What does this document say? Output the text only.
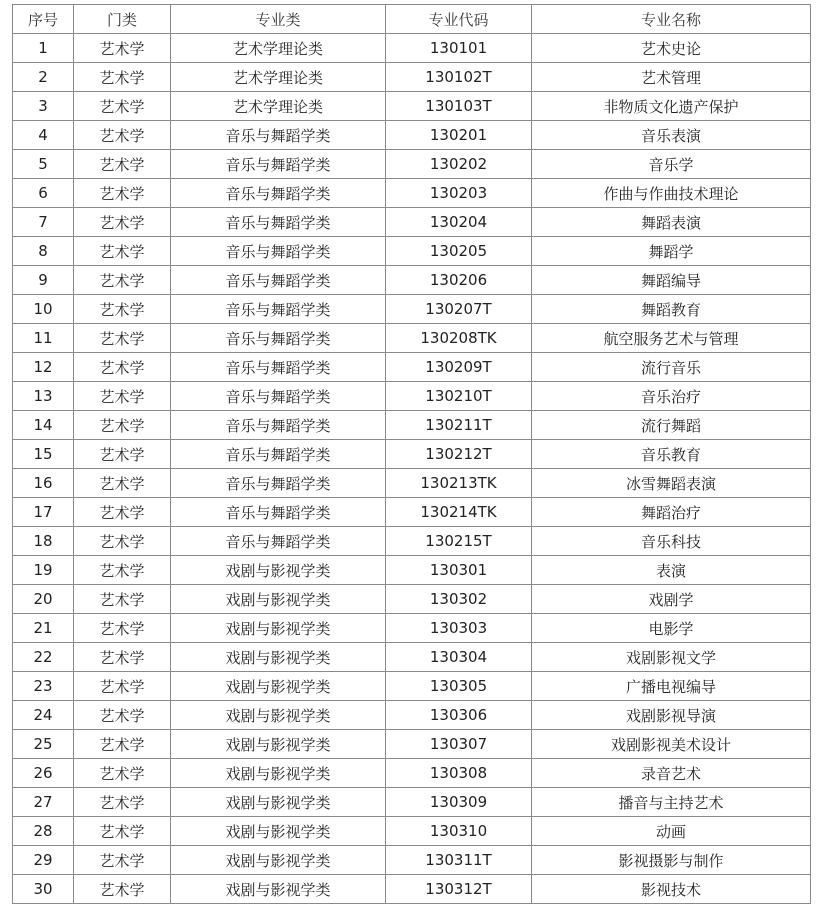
序号	门类	专业类	专业代码	专业名称
1	艺术学	艺术学理论类	130101	艺术史论
2	艺术学	艺术学理论类	130102T	艺术管理
3	艺术学	艺术学理论类	130103T	非物质文化遗产保护
4	艺术学	音乐与舞蹈学类	130201	音乐表演
5	艺术学	音乐与舞蹈学类	130202	音乐学
6	艺术学	音乐与舞蹈学类	130203	作曲与作曲技术理论
7	艺术学	音乐与舞蹈学类	130204	舞蹈表演
8	艺术学	音乐与舞蹈学类	130205	舞蹈学
9	艺术学	音乐与舞蹈学类	130206	舞蹈编导
10	艺术学	音乐与舞蹈学类	130207T	舞蹈教育
11	艺术学	音乐与舞蹈学类	130208TK	航空服务艺术与管理
12	艺术学	音乐与舞蹈学类	130209T	流行音乐
13	艺术学	音乐与舞蹈学类	130210T	音乐治疗
14	艺术学	音乐与舞蹈学类	130211T	流行舞蹈
15	艺术学	音乐与舞蹈学类	130212T	音乐教育
16	艺术学	音乐与舞蹈学类	130213TK	冰雪舞蹈表演
17	艺术学	音乐与舞蹈学类	130214TK	舞蹈治疗
18	艺术学	音乐与舞蹈学类	130215T	音乐科技
19	艺术学	戏剧与影视学类	130301	表演
20	艺术学	戏剧与影视学类	130302	戏剧学
21	艺术学	戏剧与影视学类	130303	电影学
22	艺术学	戏剧与影视学类	130304	戏剧影视文学
23	艺术学	戏剧与影视学类	130305	广播电视编导
24	艺术学	戏剧与影视学类	130306	戏剧影视导演
25	艺术学	戏剧与影视学类	130307	戏剧影视美术设计
26	艺术学	戏剧与影视学类	130308	录音艺术
27	艺术学	戏剧与影视学类	130309	播音与主持艺术
28	艺术学	戏剧与影视学类	130310	动画
29	艺术学	戏剧与影视学类	130311T	影视摄影与制作
30	艺术学	戏剧与影视学类	130312T	影视技术
